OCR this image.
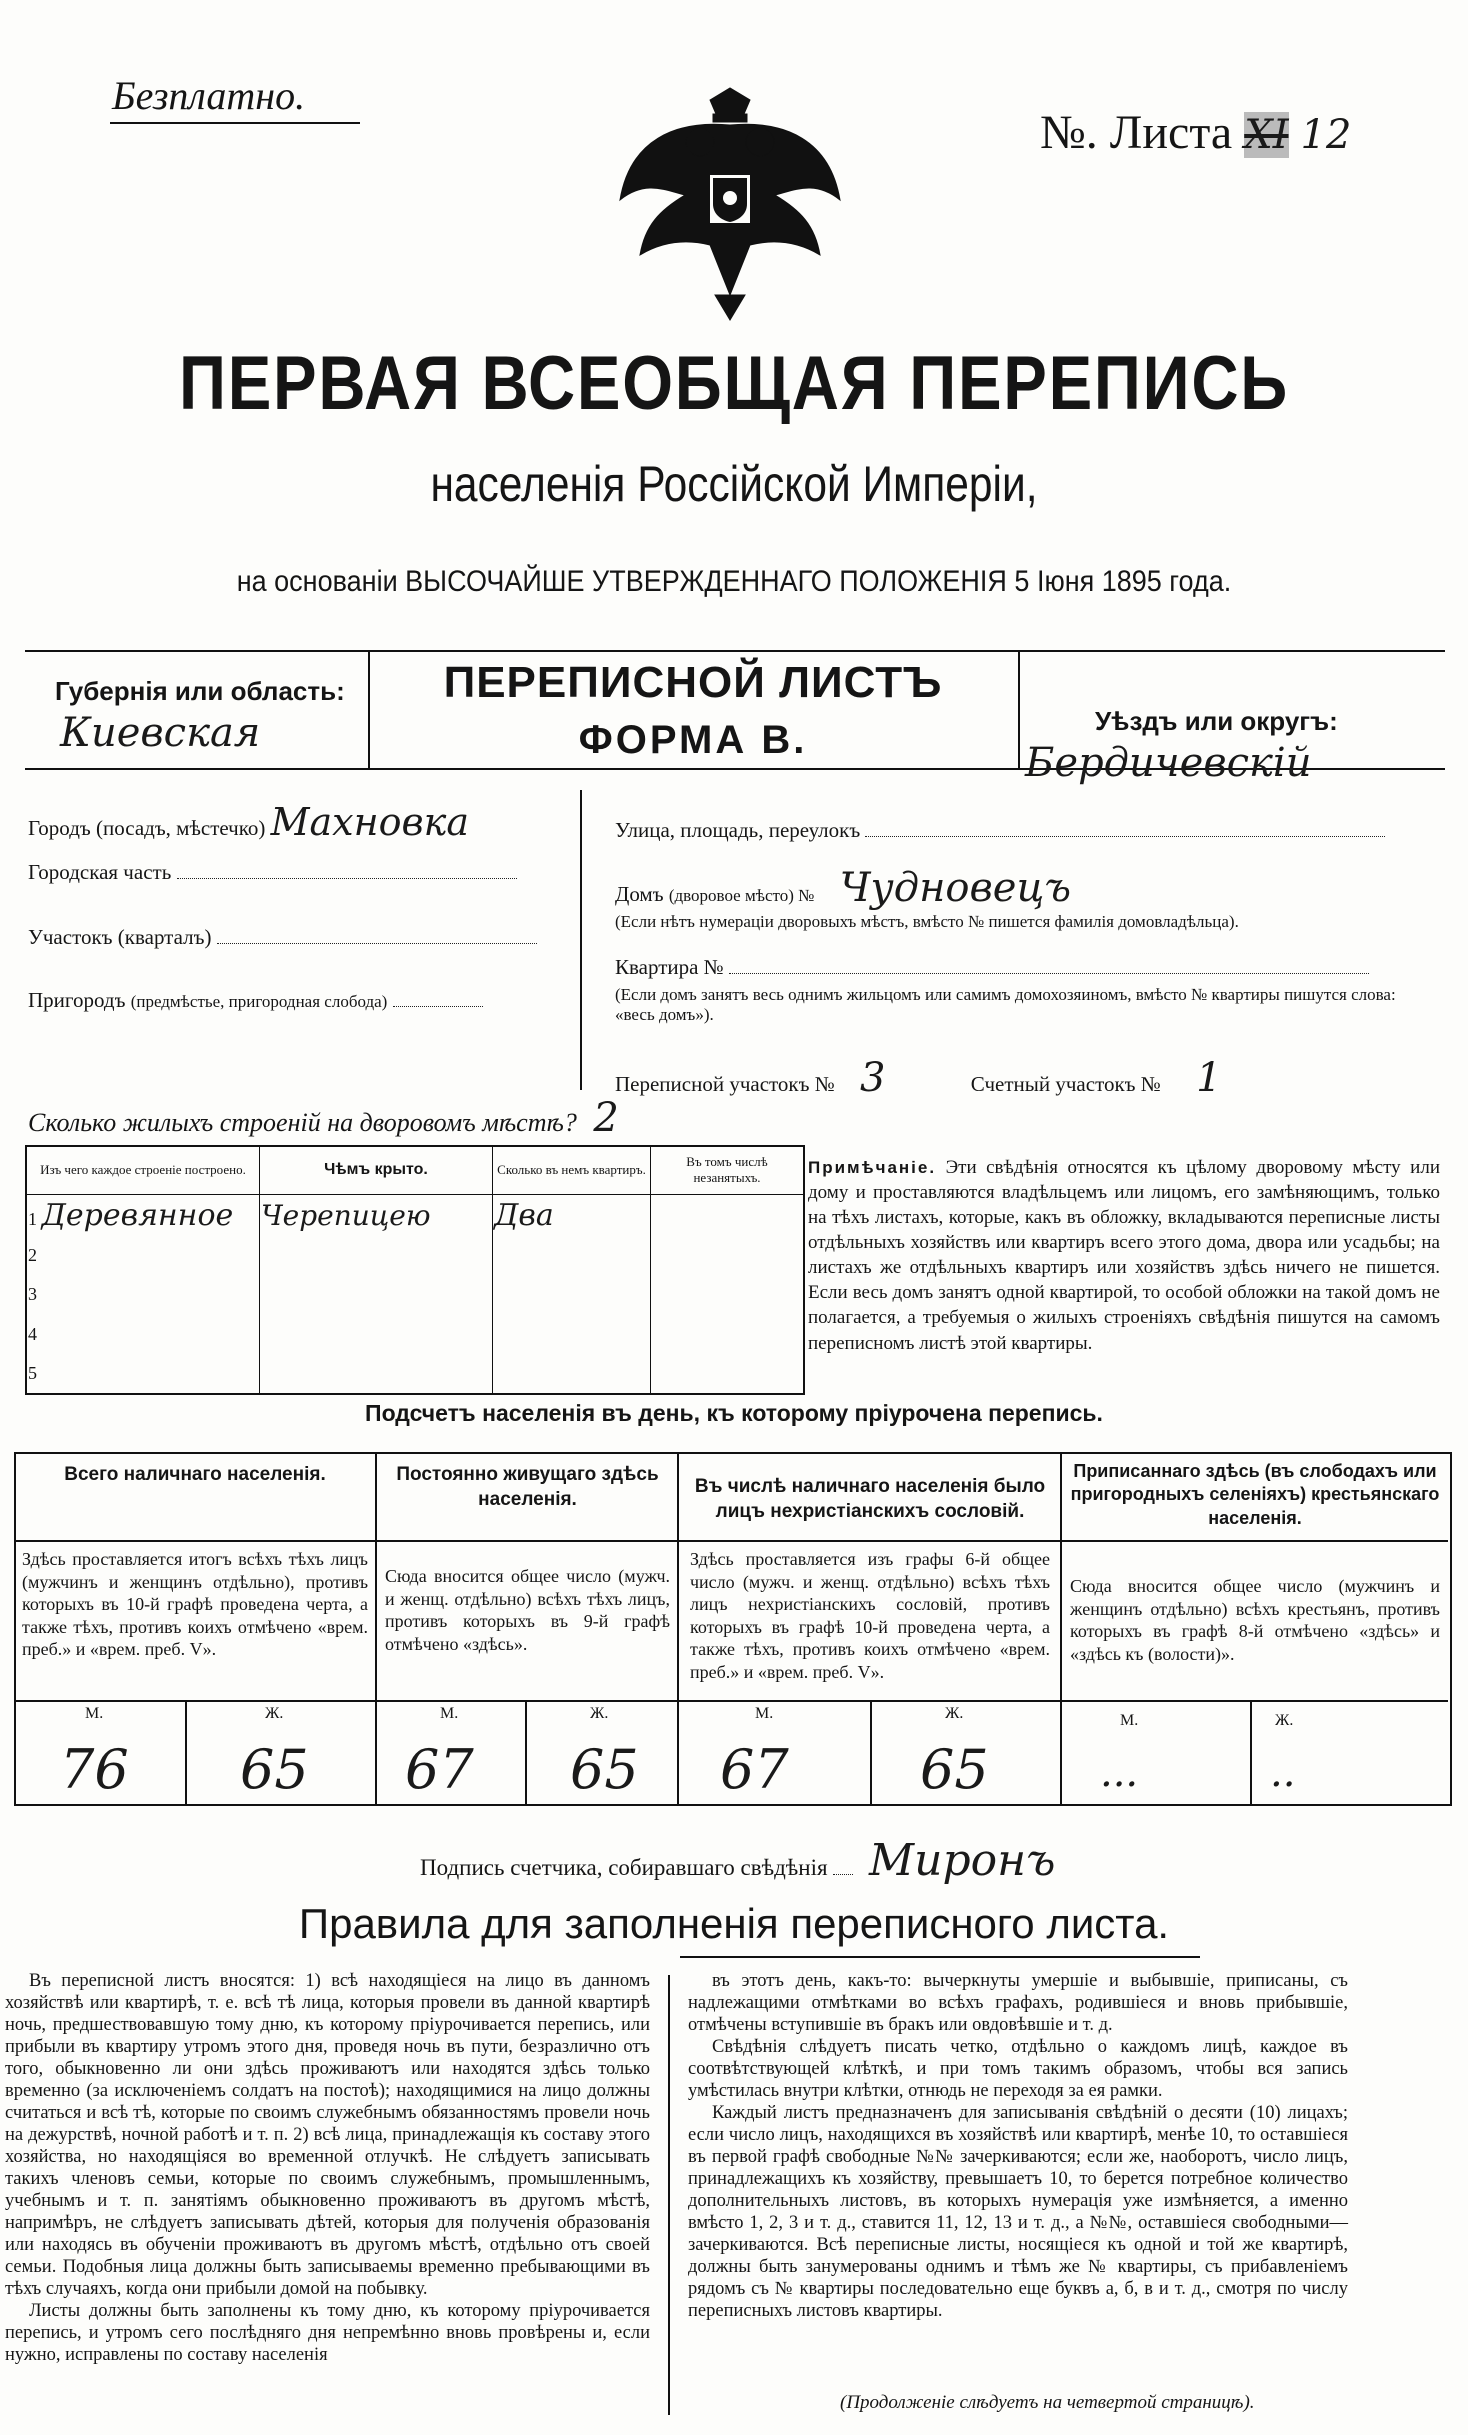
Безплатно.
№. Листа XI 12
ПЕРВАЯ ВСЕОБЩАЯ ПЕРЕПИСЬ
населенія Россійской Имперіи,
на основаніи ВЫСОЧАЙШЕ УТВЕРЖДЕННАГО ПОЛОЖЕНІЯ 5 Іюня 1895 года.
Губернія или область:
Киевская
ПЕРЕПИСНОЙ ЛИСТЪ
ФОРМА В.	Уѣздъ или округъ:
Бердичевскій
Городъ (посадъ, мѣстечко) Махновка
Городская часть
Участокъ (кварталъ)
Пригородъ (предмѣстье, пригородная слобода)
Улица, площадь, переулокъ
Домъ (дворовое мѣсто) № Чудновецъ
(Если нѣтъ нумераціи дворовыхъ мѣстъ, вмѣсто № пишется фамилія домовладѣльца).
Квартира №
(Если домъ занятъ весь однимъ жильцомъ или самимъ домохозяиномъ, вмѣсто № квартиры пишутся слова: «весь домъ»).
Переписной участокъ № 3	Счетный участокъ № 1
Сколько жилыхъ строеній на дворовомъ мѣстѣ? 2
Изъ чего каждое строеніе построено.	Чѣмъ крыто.	Сколько въ немъ квартиръ.	Въ томъ числѣ незанятыхъ.
1 Деревянное	Черепицею	Два	
2			
3			
4			
5			
Примѣчаніе. Эти свѣдѣнія относятся къ цѣлому дворовому мѣсту или дому и проставляются владѣльцемъ или лицомъ, его замѣняющимъ, только на тѣхъ листахъ, которые, какъ въ обложку, вкладываются переписные листы отдѣльныхъ хозяйствъ или квартиръ всего этого дома, двора или усадьбы; на листахъ же отдѣльныхъ квартиръ или хозяйствъ здѣсь ничего не пишется. Если весь домъ занятъ одной квартирой, то особой обложки на такой домъ не полагается, а требуемыя о жилыхъ строеніяхъ свѣдѣнія пишутся на самомъ переписномъ листѣ этой квартиры.
Подсчетъ населенія въ день, къ которому пріурочена перепись.
Всего наличнаго населенія.
Здѣсь проставляется итогъ всѣхъ тѣхъ лицъ (мужчинъ и женщинъ отдѣльно), противъ которыхъ въ 10-й графѣ проведена черта, а также тѣхъ, противъ коихъ отмѣчено «врем. преб.» и «врем. преб. V».
М.	Ж.
76 65
Постоянно живущаго здѣсь населенія.
Сюда вносится общее число (мужч. и женщ. отдѣльно) всѣхъ тѣхъ лицъ, противъ которыхъ въ 9-й графѣ отмѣчено «здѣсь».
М.	Ж.
67 65
Въ числѣ наличнаго населенія было лицъ нехристіанскихъ сословій.
Здѣсь проставляется изъ графы 6-й общее число (мужч. и женщ. отдѣльно) всѣхъ тѣхъ лицъ нехристіанскихъ сословій, противъ которыхъ въ графѣ 10-й проведена черта, а также тѣхъ, противъ коихъ отмѣчено «врем. преб.» и «врем. преб. V».
М.	Ж.
67 65
Приписаннаго здѣсь (въ слободахъ или пригородныхъ селеніяхъ) крестьянскаго населенія.
Сюда вносится общее число (мужчинъ и женщинъ отдѣльно) всѣхъ крестьянъ, противъ которыхъ въ графѣ 8-й отмѣчено «здѣсь» и «здѣсь къ (волости)».
М.	Ж.
...	..
Подпись счетчика, собиравшаго свѣдѣнія Миронъ
Правила для заполненія переписного листа.

Въ переписной листъ вносятся: 1) всѣ находящіеся на лицо въ данномъ хозяйствѣ или квартирѣ, т. е. всѣ тѣ лица, которыя провели въ данной квартирѣ ночь, предшествовавшую тому дню, къ которому пріурочивается перепись, или прибыли въ квартиру утромъ этого дня, проведя ночь въ пути, безразлично отъ того, обыкновенно ли они здѣсь проживаютъ или находятся здѣсь только временно (за исключеніемъ солдатъ на постоѣ); находящимися на лицо должны считаться и всѣ тѣ, которые по своимъ служебнымъ обязанностямъ провели ночь на дежурствѣ, ночной работѣ и т. п. 2) всѣ лица, принадлежащія къ составу этого хозяйства, но находящіяся во временной отлучкѣ. Не слѣдуетъ записывать такихъ членовъ семьи, которые по своимъ служебнымъ, промышленнымъ, учебнымъ и т. п. занятіямъ обыкновенно проживаютъ въ другомъ мѣстѣ, напримѣръ, не слѣдуетъ записывать дѣтей, которыя для полученія образованія или находясь въ обученіи проживаютъ въ другомъ мѣстѣ, отдѣльно отъ своей семьи. Подобныя лица должны быть записываемы временно пребывающими въ тѣхъ случаяхъ, когда они прибыли домой на побывку.

Листы должны быть заполнены къ тому дню, къ которому пріурочивается перепись, и утромъ сего послѣдняго дня непремѣнно вновь провѣрены и, если нужно, исправлены по составу населенія

въ этотъ день, какъ-то: вычеркнуты умершіе и выбывшіе, приписаны, съ надлежащими отмѣтками во всѣхъ графахъ, родившіеся и вновь прибывшіе, отмѣчены вступившіе въ бракъ или овдовѣвшіе и т. д.

Свѣдѣнія слѣдуетъ писать четко, отдѣльно о каждомъ лицѣ, каждое въ соотвѣтствующей клѣткѣ, и при томъ такимъ образомъ, чтобы вся запись умѣстилась внутри клѣтки, отнюдь не переходя за ея рамки.

Каждый листъ предназначенъ для записыванія свѣдѣній о десяти (10) лицахъ; если число лицъ, находящихся въ хозяйствѣ или квартирѣ, менѣе 10, то оставшіеся въ первой графѣ свободные №№ зачеркиваются; если же, наоборотъ, число лицъ, принадлежащихъ къ хозяйству, превышаетъ 10, то берется потребное количество дополнительныхъ листовъ, въ которыхъ нумерація уже измѣняется, а именно вмѣсто 1, 2, 3 и т. д., ставится 11, 12, 13 и т. д., а №№, оставшіеся свободными—зачеркиваются. Всѣ переписные листы, носящіеся къ одной и той же квартирѣ, должны быть занумерованы однимъ и тѣмъ же № квартиры, съ прибавленіемъ рядомъ съ № квартиры последовательно еще буквъ а, б, в и т. д., смотря по числу переписныхъ листовъ квартиры.

(Продолженіе слѣдуетъ на четвертой страницѣ).
